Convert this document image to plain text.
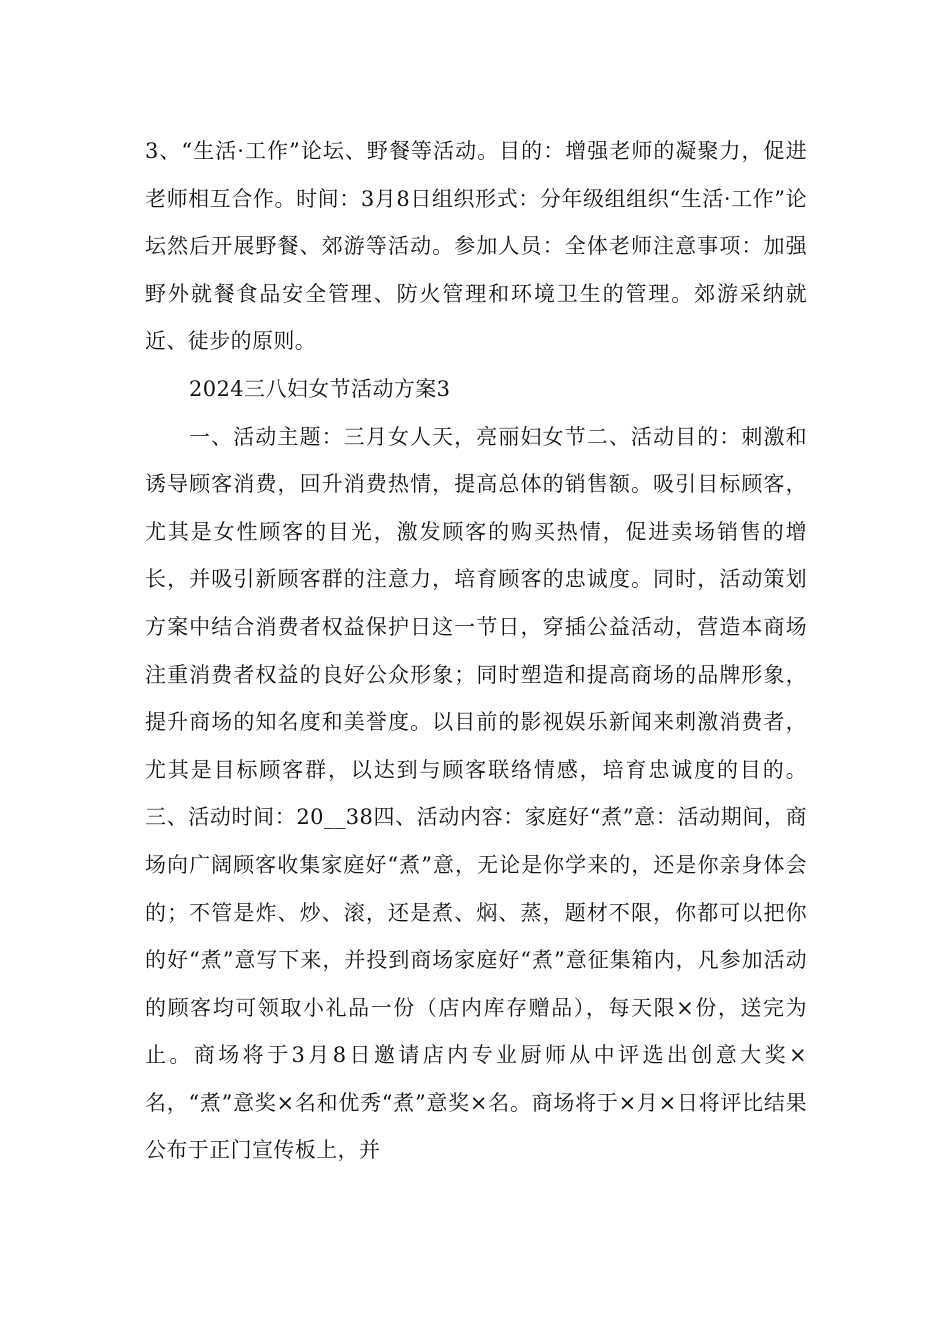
3、“生活·工作”论坛、野餐等活动。目的：增强老师的凝聚力，促进老师相互合作。时间：3月8日组织形式：分年级组组织“生活·工作”论坛然后开展野餐、郊游等活动。参加人员：全体老师注意事项：加强野外就餐食品安全管理、防火管理和环境卫生的管理。郊游采纳就近、徒步的原则。

2024三八妇女节活动方案3

一、活动主题：三月女人天，亮丽妇女节二、活动目的：刺激和诱导顾客消费，回升消费热情，提高总体的销售额。吸引目标顾客，尤其是女性顾客的目光，激发顾客的购买热情，促进卖场销售的增长，并吸引新顾客群的注意力，培育顾客的忠诚度。同时，活动策划方案中结合消费者权益保护日这一节日，穿插公益活动，营造本商场注重消费者权益的良好公众形象；同时塑造和提高商场的品牌形象，提升商场的知名度和美誉度。以目前的影视娱乐新闻来刺激消费者，尤其是目标顾客群，以达到与顾客联络情感，培育忠诚度的目的。三、活动时间：20__38四、活动内容：家庭好“煮”意：活动期间，商场向广阔顾客收集家庭好“煮”意，无论是你学来的，还是你亲身体会的；不管是炸、炒、滚，还是煮、焖、蒸，题材不限，你都可以把你的好“煮”意写下来，并投到商场家庭好“煮”意征集箱内，凡参加活动的顾客均可领取小礼品一份（店内库存赠品），每天限×份，送完为止。商场将于3月8日邀请店内专业厨师从中评选出创意大奖×名，“煮”意奖×名和优秀“煮”意奖×名。商场将于×月×日将评比结果公布于正门宣传板上，并
